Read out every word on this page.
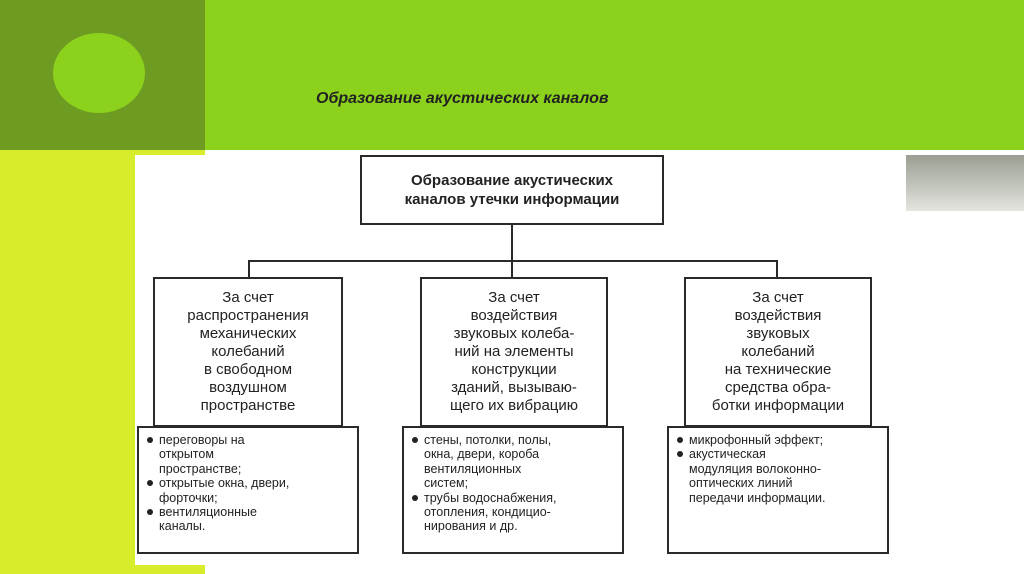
Образование акустических каналов
Образование акустических
каналов утечки информации
За счет
распространения
механических
колебаний
в свободном
воздушном
пространстве
За счет
воздействия
звуковых колеба-
ний на элементы
конструкции
зданий, вызываю-
щего их вибрацию
За счет
воздействия
звуковых
колебаний
на технические
средства обра-
ботки информации
переговоры на
открытом
пространстве;
открытые окна, двери,
форточки;
вентиляционные
каналы.
стены, потолки, полы,
окна, двери, короба
вентиляционных
систем;
трубы водоснабжения,
отопления, кондицио-
нирования и др.
микрофонный эффект;
акустическая
модуляция волоконно-
оптических линий
передачи информации.
